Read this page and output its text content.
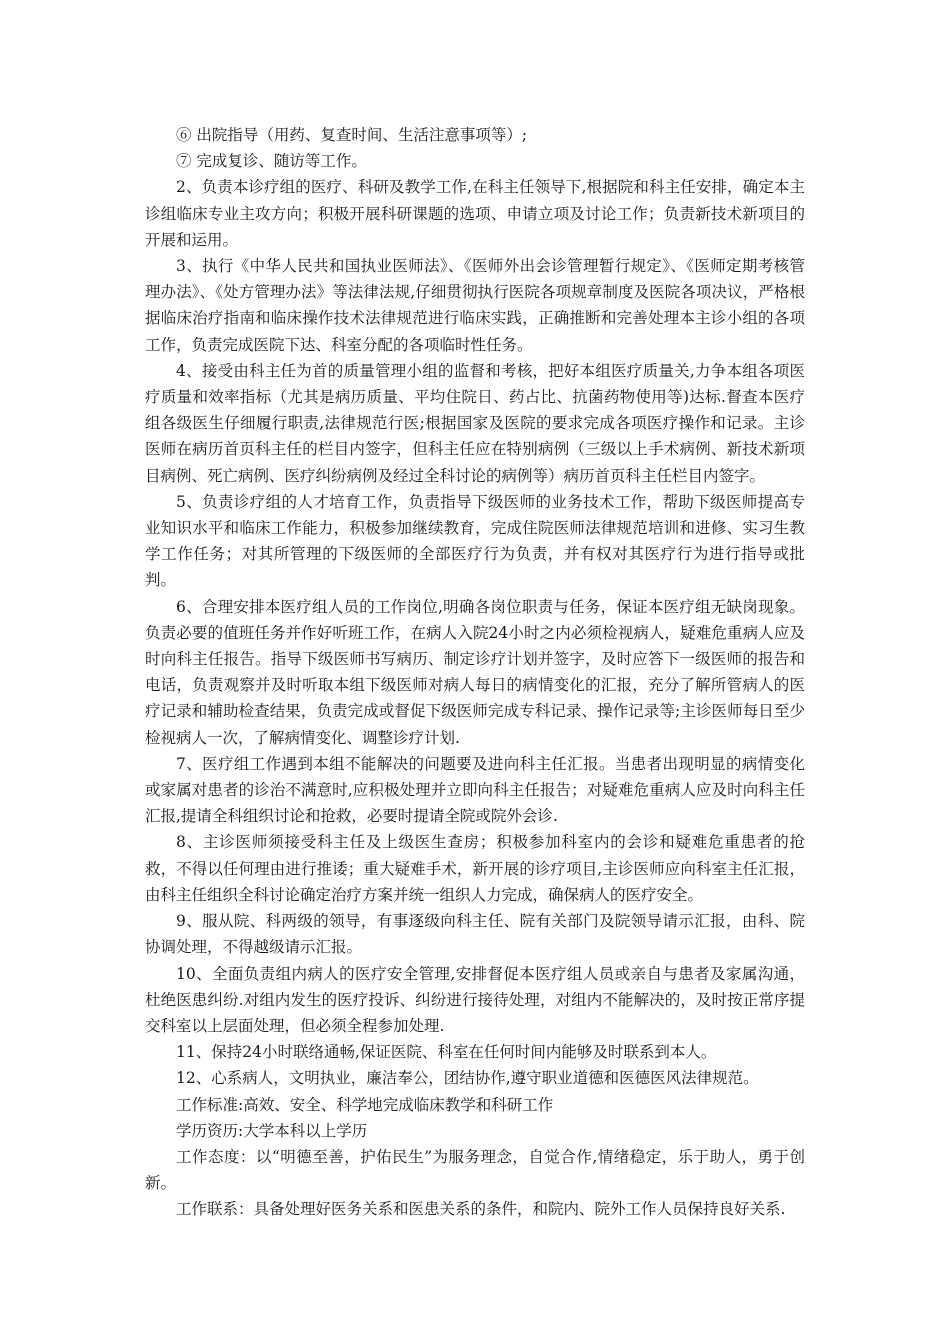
⑥ 出院指导（用药、复查时间、生活注意事项等）;

⑦ 完成复诊、随访等工作。

2、负责本诊疗组的医疗、科研及教学工作,在科主任领导下,根据院和科主任安排，确定本主诊组临床专业主攻方向；积极开展科研课题的选项、申请立项及讨论工作；负责新技术新项目的开展和运用。

3、执行《中华人民共和国执业医师法》、《医师外出会诊管理暂行规定》、《医师定期考核管理办法》、《处方管理办法》等法律法规,仔细贯彻执行医院各项规章制度及医院各项决议，严格根据临床治疗指南和临床操作技术法律规范进行临床实践，正确推断和完善处理本主诊小组的各项工作，负责完成医院下达、科室分配的各项临时性任务。

4、接受由科主任为首的质量管理小组的监督和考核，把好本组医疗质量关,力争本组各项医疗质量和效率指标（尤其是病历质量、平均住院日、药占比、抗菌药物使用等)达标.督查本医疗组各级医生仔细履行职责,法律规范行医;根据国家及医院的要求完成各项医疗操作和记录。主诊医师在病历首页科主任的栏目内签字，但科主任应在特别病例（三级以上手术病例、新技术新项目病例、死亡病例、医疗纠纷病例及经过全科讨论的病例等）病历首页科主任栏目内签字。

5、负责诊疗组的人才培育工作，负责指导下级医师的业务技术工作，帮助下级医师提高专业知识水平和临床工作能力，积极参加继续教育，完成住院医师法律规范培训和进修、实习生教学工作任务；对其所管理的下级医师的全部医疗行为负责，并有权对其医疗行为进行指导或批判。

6、合理安排本医疗组人员的工作岗位,明确各岗位职责与任务，保证本医疗组无缺岗现象。负责必要的值班任务并作好听班工作，在病人入院24小时之内必须检视病人，疑难危重病人应及时向科主任报告。指导下级医师书写病历、制定诊疗计划并签字，及时应答下一级医师的报告和电话，负责观察并及时听取本组下级医师对病人每日的病情变化的汇报，充分了解所管病人的医疗记录和辅助检查结果，负责完成或督促下级医师完成专科记录、操作记录等;主诊医师每日至少检视病人一次，了解病情变化、调整诊疗计划.

7、医疗组工作遇到本组不能解决的问题要及进向科主任汇报。当患者出现明显的病情变化或家属对患者的诊治不满意时,应积极处理并立即向科主任报告；对疑难危重病人应及时向科主任汇报,提请全科组织讨论和抢救，必要时提请全院或院外会诊.

8、主诊医师须接受科主任及上级医生查房；积极参加科室内的会诊和疑难危重患者的抢救，不得以任何理由进行推诿；重大疑难手术，新开展的诊疗项目,主诊医师应向科室主任汇报，由科主任组织全科讨论确定治疗方案并统一组织人力完成，确保病人的医疗安全。

9、服从院、科两级的领导，有事逐级向科主任、院有关部门及院领导请示汇报，由科、院协调处理，不得越级请示汇报。

10、全面负责组内病人的医疗安全管理,安排督促本医疗组人员或亲自与患者及家属沟通，杜绝医患纠纷.对组内发生的医疗投诉、纠纷进行接待处理，对组内不能解决的，及时按正常序提交科室以上层面处理，但必须全程参加处理.

11、保持24小时联络通畅,保证医院、科室在任何时间内能够及时联系到本人。

12、心系病人，文明执业，廉洁奉公，团结协作,遵守职业道德和医德医风法律规范。

工作标准:高效、安全、科学地完成临床教学和科研工作

学历资历:大学本科以上学历

工作态度：以“明德至善，护佑民生”为服务理念，自觉合作,情绪稳定，乐于助人，勇于创新。

工作联系：具备处理好医务关系和医患关系的条件，和院内、院外工作人员保持良好关系.
